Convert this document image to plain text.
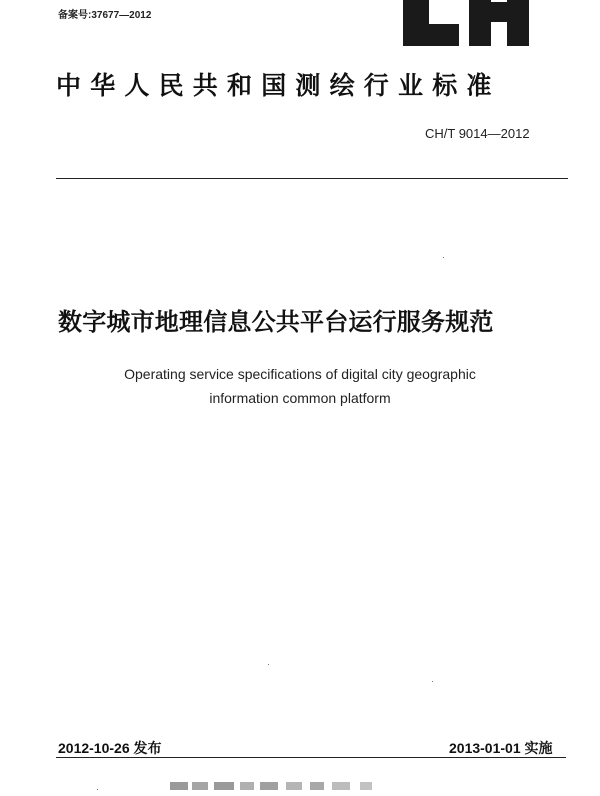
备案号:37677—2012
中华人民共和国测绘行业标准
CH/T 9014—2012
数字城市地理信息公共平台运行服务规范
Operating service specifications of digital city geographic
information common platform
2012-10-26 发布	2013-01-01 实施
